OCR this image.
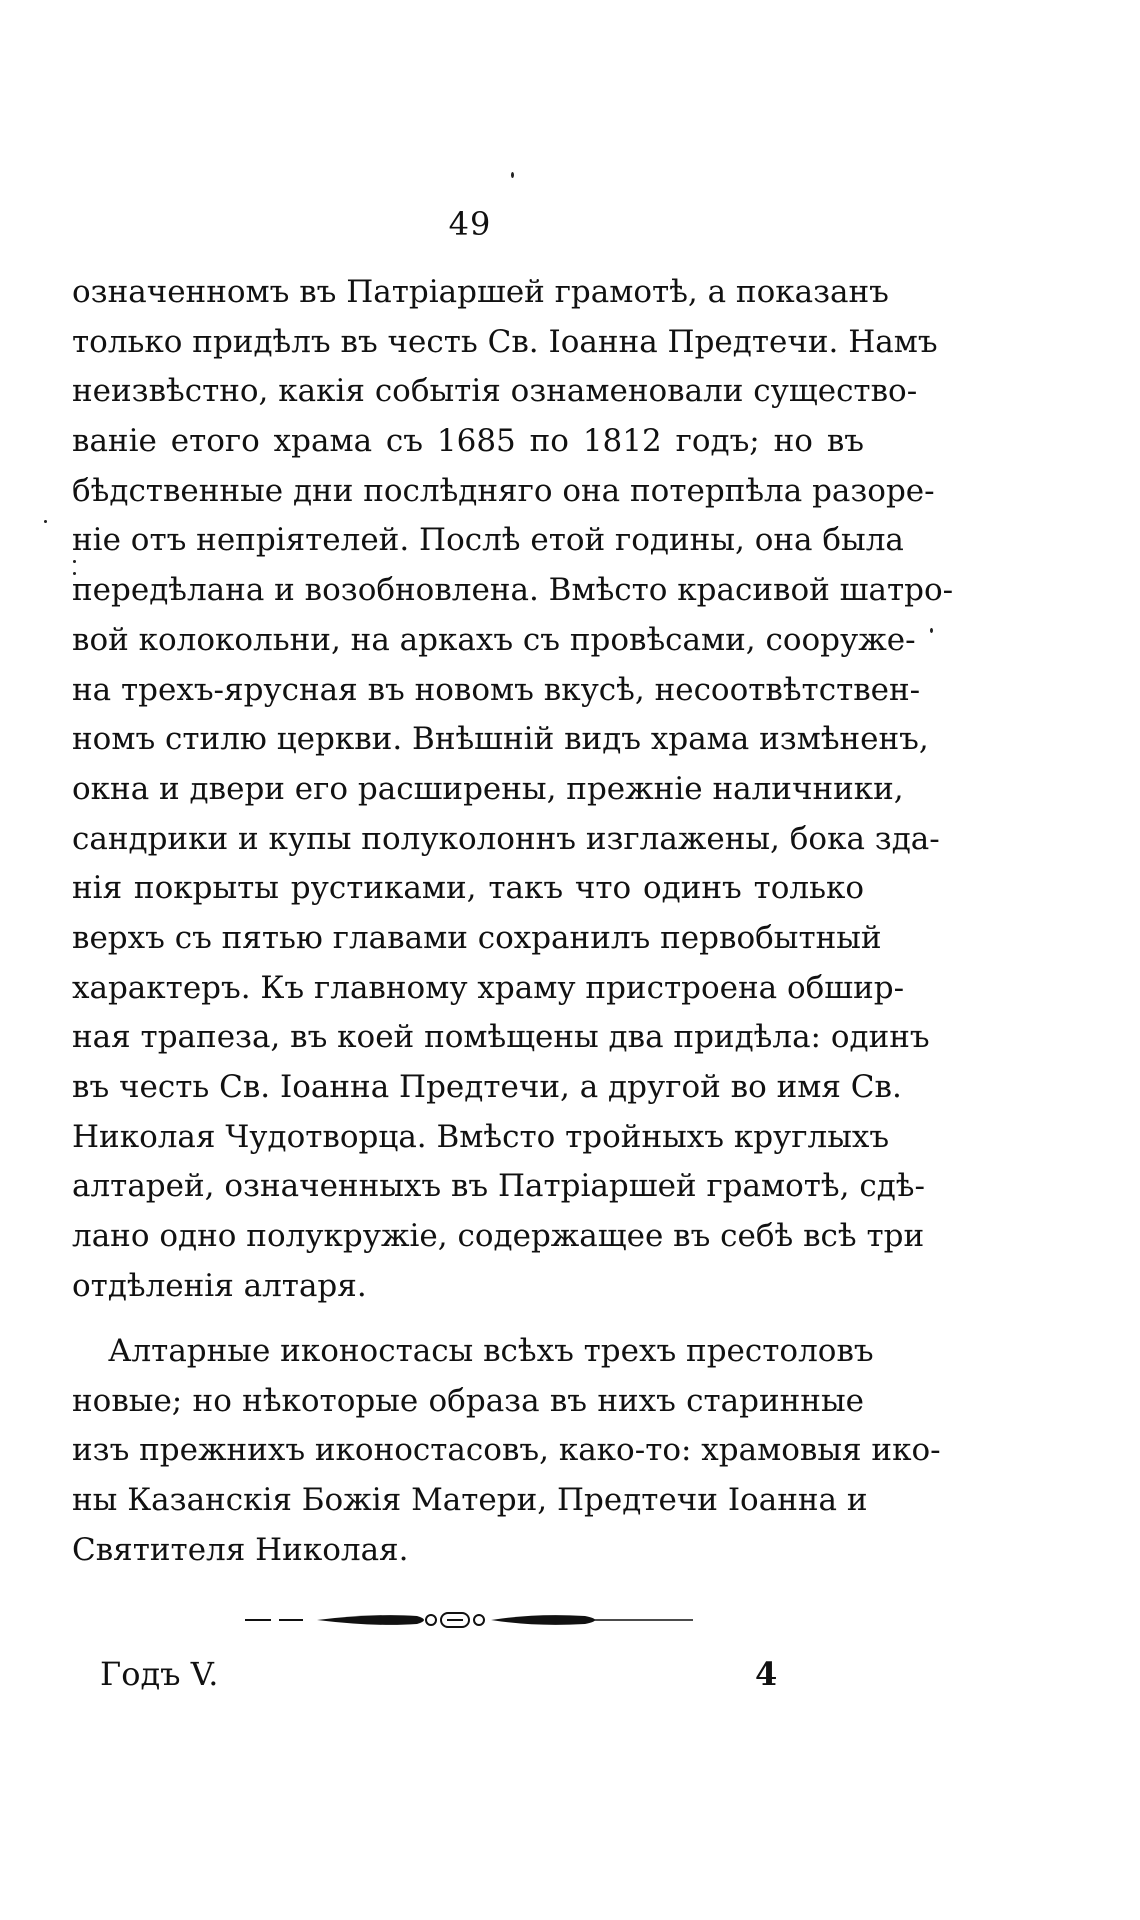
49
означенномъ въ Патріаршей грамотѣ, а показанъ
только придѣлъ въ честь Св. Іоанна Предтечи. Намъ
неизвѣстно, какія событія ознаменовали существо-
ваніе етого храма съ 1685 по 1812 годъ; но въ
бѣдственные дни послѣдняго она потерпѣла разоре-
ніе отъ непріятелей. Послѣ етой годины, она была
передѣлана и возобновлена. Вмѣсто красивой шатро-
вой колокольни, на аркахъ съ провѣсами, сооруже-
на трехъ-ярусная въ новомъ вкусѣ, несоотвѣтствен-
номъ стилю церкви. Внѣшній видъ храма измѣненъ,
окна и двери его расширены, прежніе наличники,
сандрики и купы полуколоннъ изглажены, бока зда-
нія покрыты рустиками, такъ что одинъ только
верхъ съ пятью главами сохранилъ первобытный
характеръ. Къ главному храму пристроена обшир-
ная трапеза, въ коей помѣщены два придѣла: одинъ
въ честь Св. Іоанна Предтечи, а другой во имя Св.
Николая Чудотворца. Вмѣсто тройныхъ круглыхъ
алтарей, означенныхъ въ Патріаршей грамотѣ, сдѣ-
лано одно полукружіе, содержащее въ себѣ всѣ три
отдѣленія алтаря.
Алтарные иконостасы всѣхъ трехъ престоловъ
новые; но нѣкоторые образа въ нихъ старинные
изъ прежнихъ иконостасовъ, како-то: храмовыя ико-
ны Казанскія Божія Матери, Предтечи Іоанна и
Святителя Николая.
Годъ V.	4
